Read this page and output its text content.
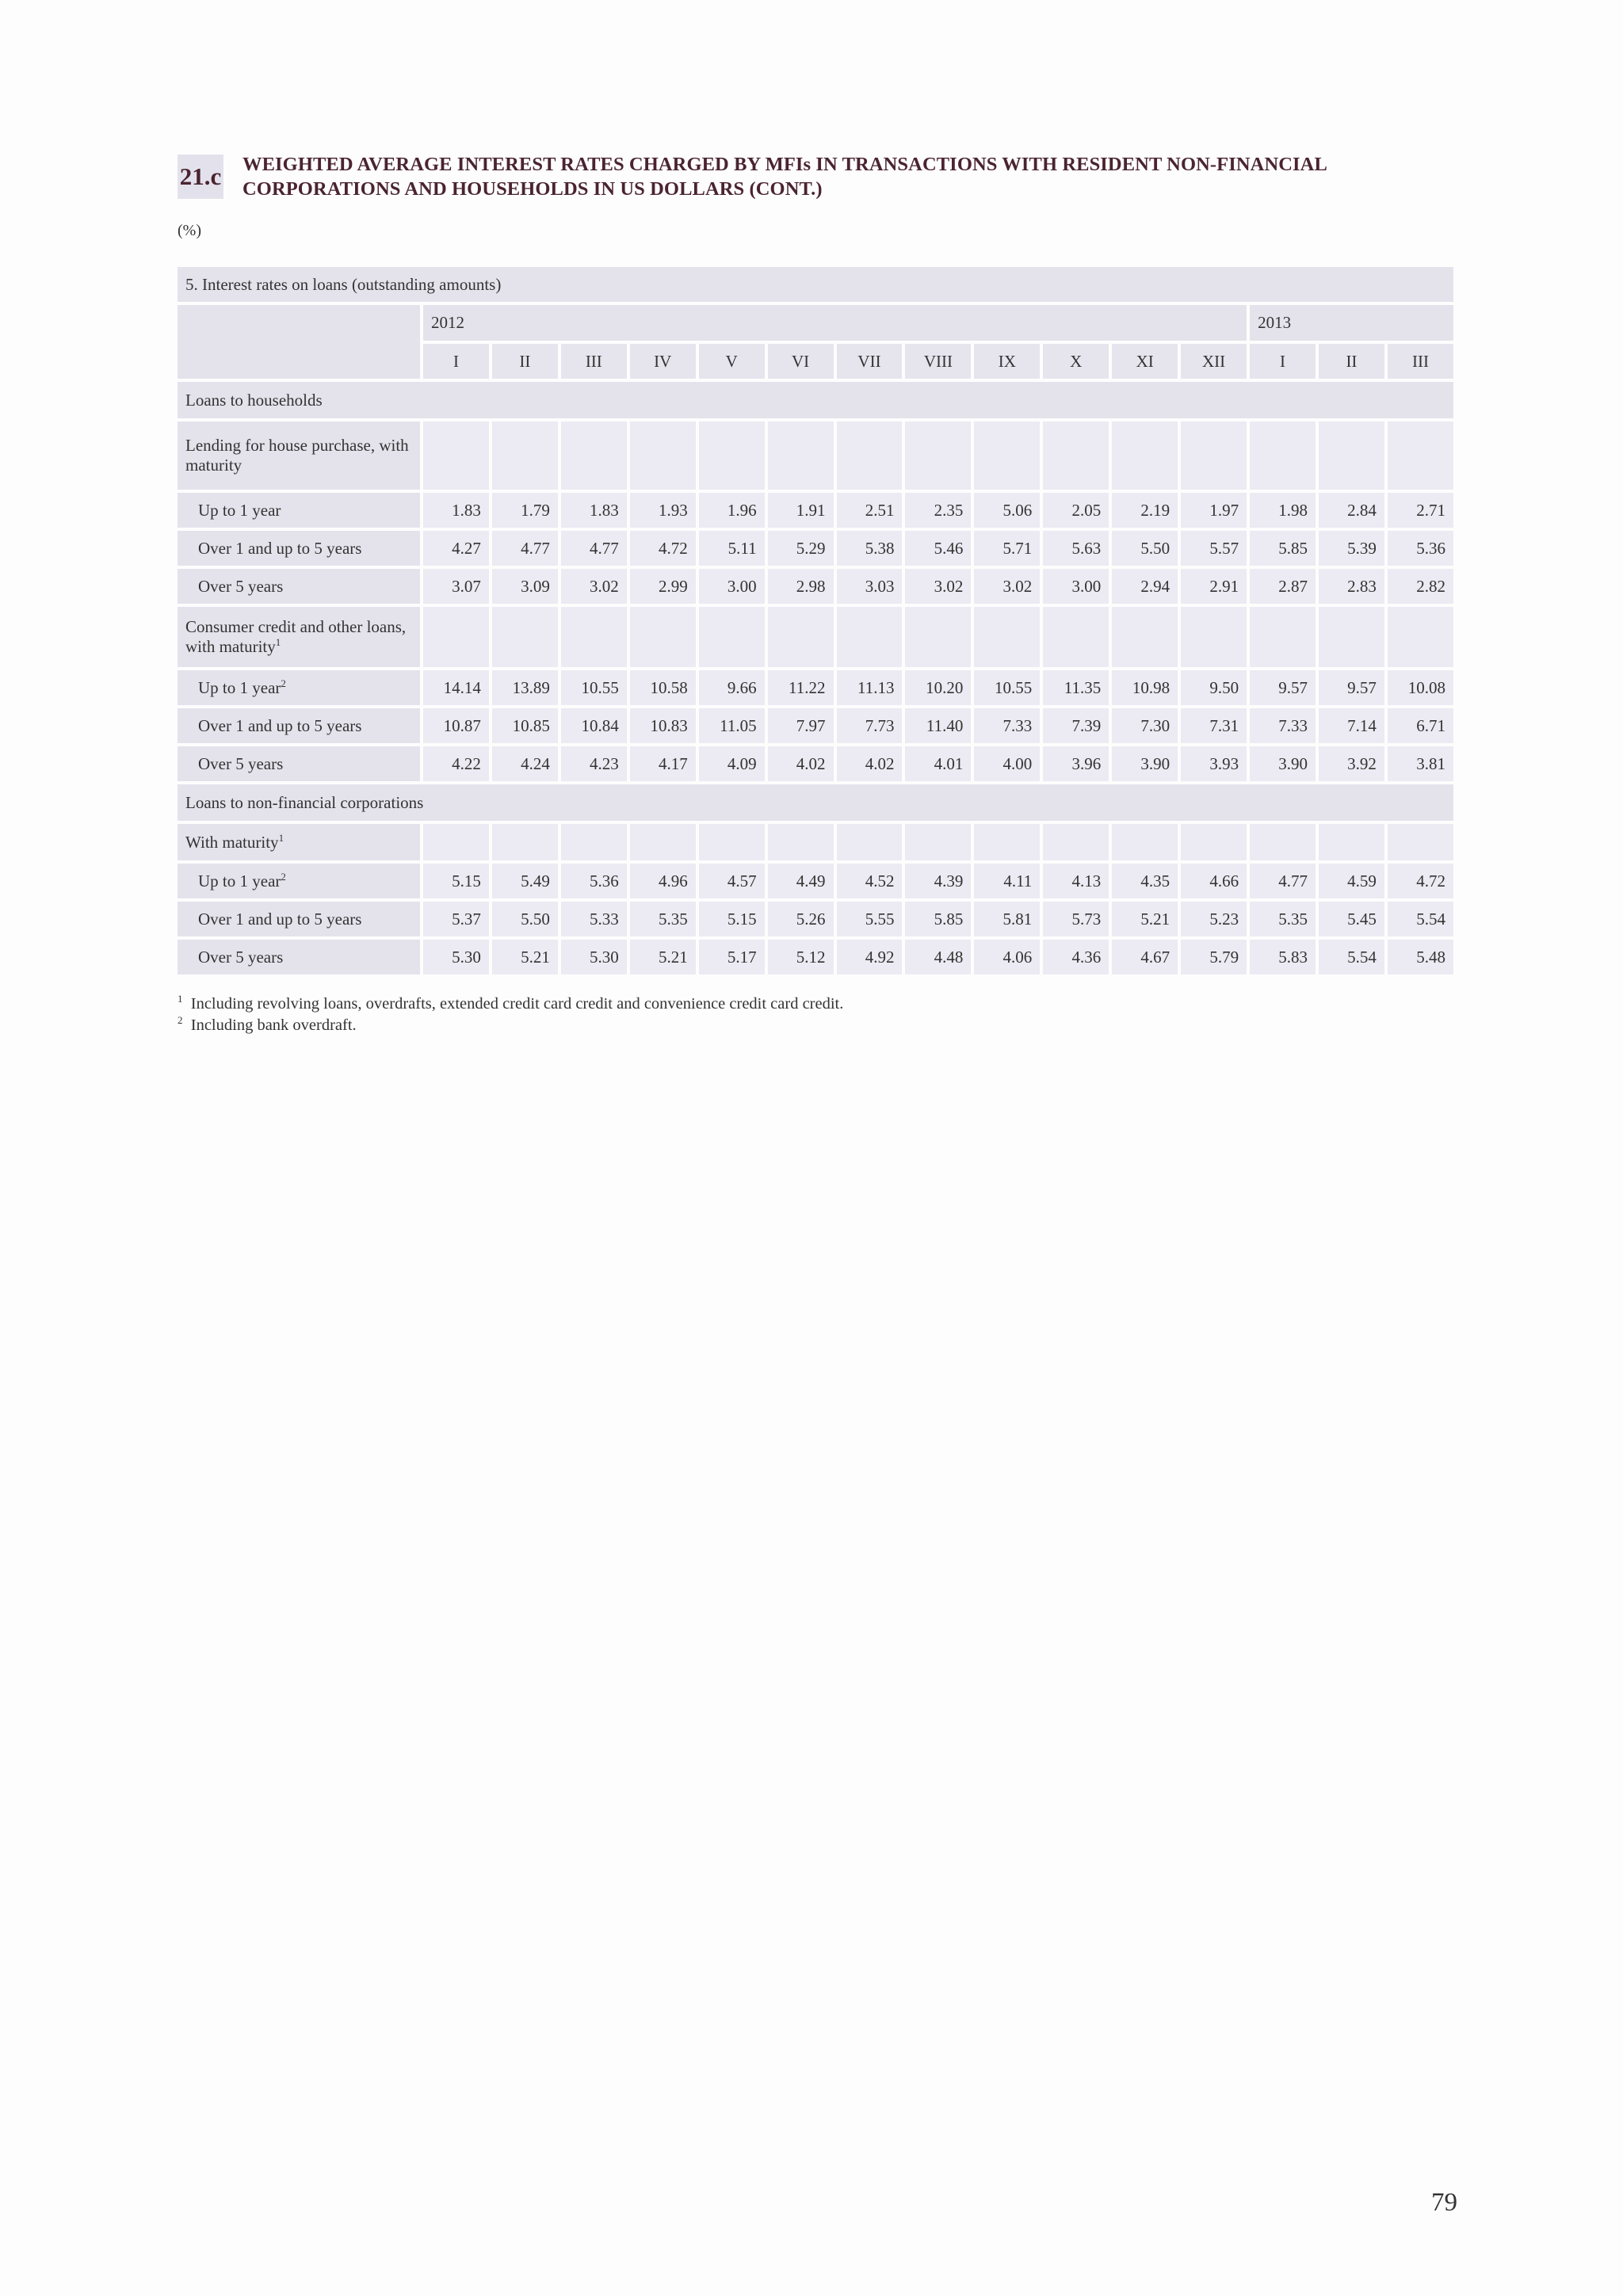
21.c WEIGHTED AVERAGE INTEREST RATES CHARGED BY MFIs IN TRANSACTIONS WITH RESIDENT NON-FINANCIAL CORPORATIONS AND HOUSEHOLDS IN US DOLLARS (CONT.)
(%)
5. Interest rates on loans (outstanding amounts)															
	2012												2013		
	I	II	III	IV	V	VI	VII	VIII	IX	X	XI	XII	I	II	III
Loans to households															
Lending for house purchase, with maturity															
Up to 1 year	1.83	1.79	1.83	1.93	1.96	1.91	2.51	2.35	5.06	2.05	2.19	1.97	1.98	2.84	2.71
Over 1 and up to 5 years	4.27	4.77	4.77	4.72	5.11	5.29	5.38	5.46	5.71	5.63	5.50	5.57	5.85	5.39	5.36
Over 5 years	3.07	3.09	3.02	2.99	3.00	2.98	3.03	3.02	3.02	3.00	2.94	2.91	2.87	2.83	2.82
Consumer credit and other loans, with maturity$^1$															
Up to 1 year$^2$	14.14	13.89	10.55	10.58	9.66	11.22	11.13	10.20	10.55	11.35	10.98	9.50	9.57	9.57	10.08
Over 1 and up to 5 years	10.87	10.85	10.84	10.83	11.05	7.97	7.73	11.40	7.33	7.39	7.30	7.31	7.33	7.14	6.71
Over 5 years	4.22	4.24	4.23	4.17	4.09	4.02	4.02	4.01	4.00	3.96	3.90	3.93	3.90	3.92	3.81
Loans to non-financial corporations															
With maturity$^1$															
Up to 1 year$^2$	5.15	5.49	5.36	4.96	4.57	4.49	4.52	4.39	4.11	4.13	4.35	4.66	4.77	4.59	4.72
Over 1 and up to 5 years	5.37	5.50	5.33	5.35	5.15	5.26	5.55	5.85	5.81	5.73	5.21	5.23	5.35	5.45	5.54
Over 5 years	5.30	5.21	5.30	5.21	5.17	5.12	4.92	4.48	4.06	4.36	4.67	5.79	5.83	5.54	5.48
$^1$ Including revolving loans, overdrafts, extended credit card credit and convenience credit card credit.
$^2$ Including bank overdraft.
79
